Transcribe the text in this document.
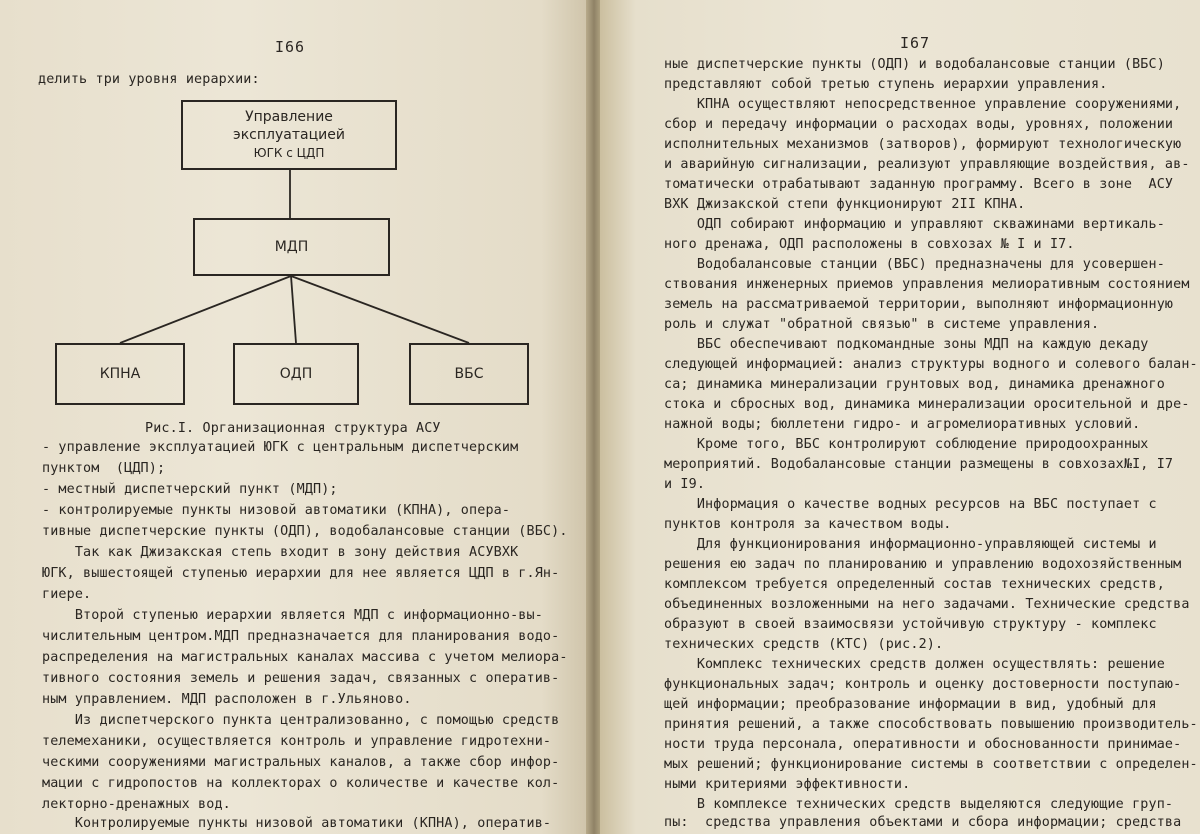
I66
делить три уровня иерархии:
Управление
эксплуатацией
ЮГК с ЦДП
МДП
КПНА	ОДП	ВБС
Рис.I. Организационная структура АСУ
- управление эксплуатацией ЮГК с центральным диспетчерским
пунктом  (ЦДП);
- местный диспетчерский пункт (МДП);
- контролируемые пункты низовой автоматики (КПНА), опера-
тивные диспетчерские пункты (ОДП), водобалансовые станции (ВБС).
Так как Джизакская степь входит в зону действия АСУВХК
ЮГК, вышестоящей ступенью иерархии для нее является ЦДП в г.Ян-
гиере.
Второй ступенью иерархии является МДП с информационно-вы-
числительным центром.МДП предназначается для планирования водо-
распределения на магистральных каналах массива с учетом мелиора-
тивного состояния земель и решения задач, связанных с оператив-
ным управлением. МДП расположен в г.Ульяново.
Из диспетчерского пункта централизованно, с помощью средств
телемеханики, осуществляется контроль и управление гидротехни-
ческими сооружениями магистральных каналов, а также сбор инфор-
мации с гидропостов на коллекторах о количестве и качестве кол-
лекторно-дренажных вод.
Контролируемые пункты низовой автоматики (КПНА), оператив-
I67
ные диспетчерские пункты (ОДП) и водобалансовые станции (ВБС)
представляют собой третью ступень иерархии управления.
КПНА осуществляют непосредственное управление сооружениями,
сбор и передачу информации о расходах воды, уровнях, положении
исполнительных механизмов (затворов), формируют технологическую
и аварийную сигнализации, реализуют управляющие воздействия, ав-
томатически отрабатывают заданную программу. Всего в зоне  АСУ
ВХК Джизакской степи функционируют 2II КПНА.
ОДП собирают информацию и управляют скважинами вертикаль-
ного дренажа, ОДП расположены в совхозах № I и I7.
Водобалансовые станции (ВБС) предназначены для усовершен-
ствования инженерных приемов управления мелиоративным состоянием
земель на рассматриваемой территории, выполняют информационную
роль и служат "обратной связью" в системе управления.
ВБС обеспечивают подкомандные зоны МДП на каждую декаду
следующей информацией: анализ структуры водного и солевого балан-
са; динамика минерализации грунтовых вод, динамика дренажного
стока и сбросных вод, динамика минерализации оросительной и дре-
нажной воды; бюллетени гидро- и агромелиоративных условий.
Кроме того, ВБС контролируют соблюдение природоохранных
мероприятий. Водобалансовые станции размещены в совхозах№I, I7
и I9.
Информация о качестве водных ресурсов на ВБС поступает с
пунктов контроля за качеством воды.
Для функционирования информационно-управляющей системы и
решения ею задач по планированию и управлению водохозяйственным
комплексом требуется определенный состав технических средств,
объединенных возложенными на него задачами. Технические средства
образуют в своей взаимосвязи устойчивую структуру - комплекс
технических средств (КТС) (рис.2).
Комплекс технических средств должен осуществлять: решение
функциональных задач; контроль и оценку достоверности поступаю-
щей информации; преобразование информации в вид, удобный для
принятия решений, а также способствовать повышению производитель-
ности труда персонала, оперативности и обоснованности принимае-
мых решений; функционирование системы в соответствии с определен-
ными критериями эффективности.
В комплексе технических средств выделяются следующие груп-
пы:  средства управления объектами и сбора информации; средства
